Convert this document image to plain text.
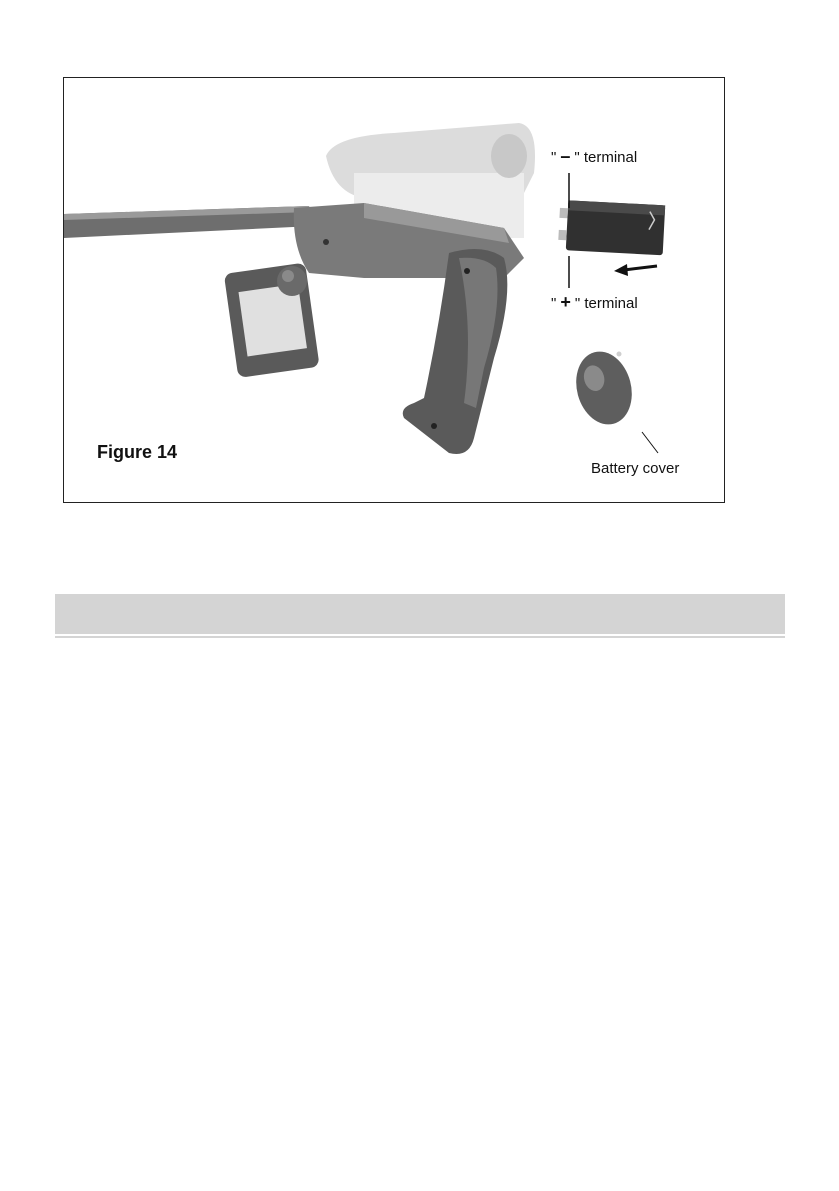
" – " terminal
" + " terminal
Battery cover
Figure 14
